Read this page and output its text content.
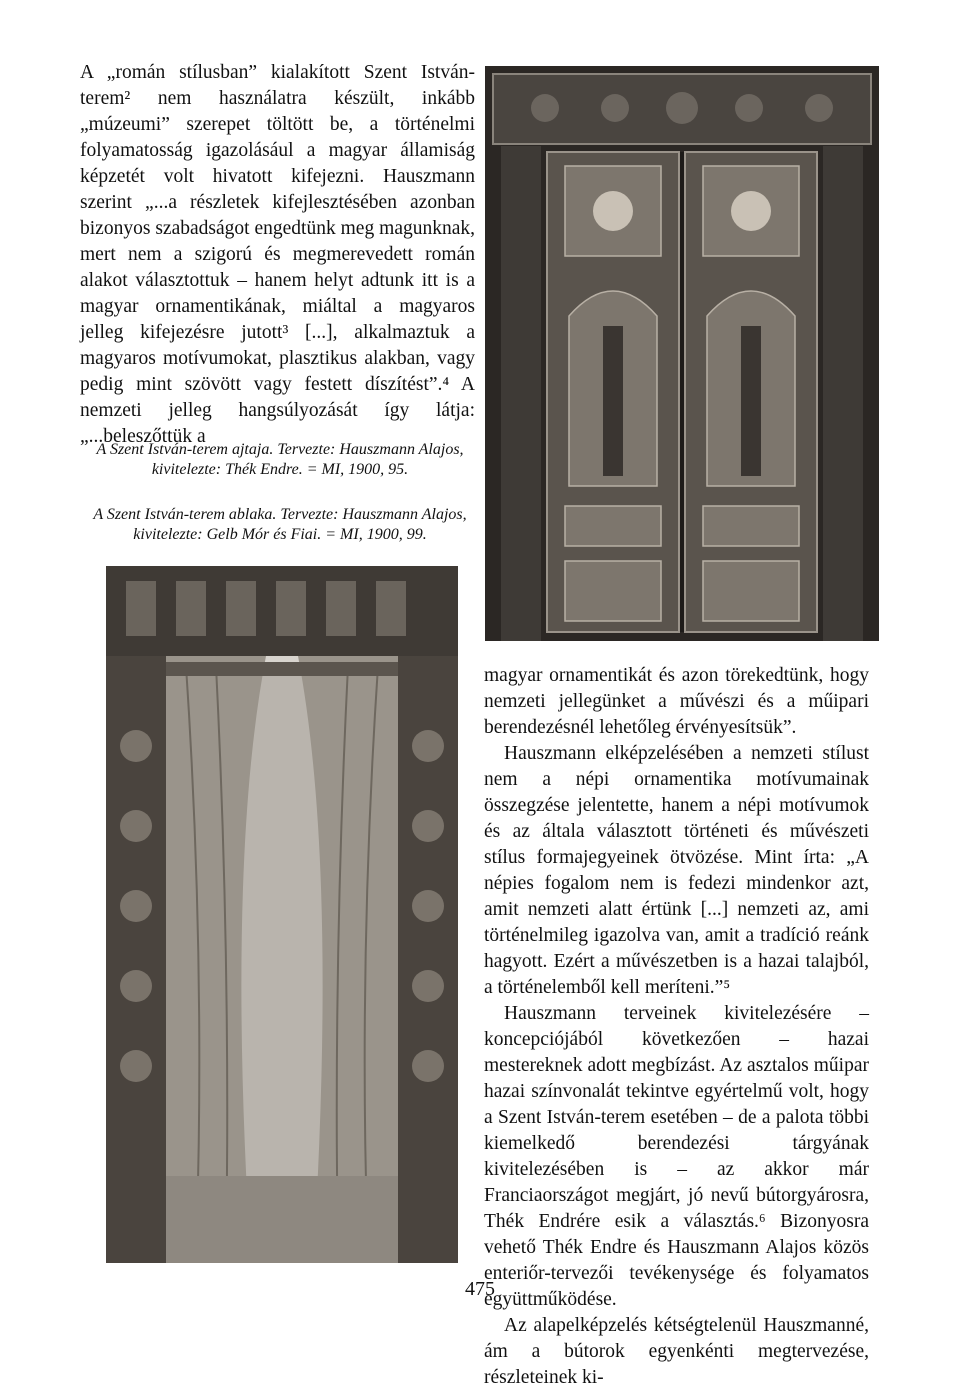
A „román stílusban” kialakított Szent István-terem² nem használatra készült, inkább „múzeumi” szerepet töltött be, a történelmi folyamatosság igazolásául a magyar államiság képzetét volt hivatott kifejezni. Hauszmann szerint „...a részletek kifejlesztésében azonban bizonyos szabadságot engedtünk meg magunknak, mert nem a szigorú és megmerevedett román alakot választottuk – hanem helyt adtunk itt is a magyar ornamentikának, miáltal a magyaros jelleg kifejezésre jutott³ [...], alkalmaztuk a magyaros motívumokat, plasztikus alakban, vagy pedig mint szövött vagy festett díszítést”.⁴ A nemzeti jelleg hangsúlyozását így látja: „...beleszőttük a

A Szent István-terem ajtaja. Tervezte: Hauszmann Alajos, kivitelezte: Thék Endre. = MI, 1900, 95.

A Szent István-terem ablaka. Tervezte: Hauszmann Alajos, kivitelezte: Gelb Mór és Fiai. = MI, 1900, 99.

magyar ornamentikát és azon törekedtünk, hogy nemzeti jellegünket a művészi és a műipari berendezésnél lehetőleg érvényesítsük”.

Hauszmann elképzelésében a nemzeti stílust nem a népi ornamentika motívumainak összegzése jelentette, hanem a népi motívumok és az általa választott történeti és művészeti stílus formajegyeinek ötvözése. Mint írta: „A népies fogalom nem is fedezi mindenkor azt, amit nemzeti alatt értünk [...] nemzeti az, ami történelmileg igazolva van, amit a tradíció reánk hagyott. Ezért a művészetben is a hazai talajból, a történelemből kell meríteni.”⁵

Hauszmann terveinek kivitelezésére – koncepciójából következően – hazai mestereknek adott megbízást. Az asztalos műipar hazai színvonalát tekintve egyértelmű volt, hogy a Szent István-terem esetében – de a palota többi kiemelkedő berendezési tárgyának kivitelezésében is – az akkor már Franciaországot megjárt, jó nevű bútorgyárosra, Thék Endrére esik a választás.⁶ Bizonyosra vehető Thék Endre és Hauszmann Alajos közös enteriőr-tervezői tevékenysége és folyamatos együttműködése.

Az alapelképzelés kétségtelenül Hauszmanné, ám a bútorok egyenkénti megtervezése, részleteinek ki-

475
